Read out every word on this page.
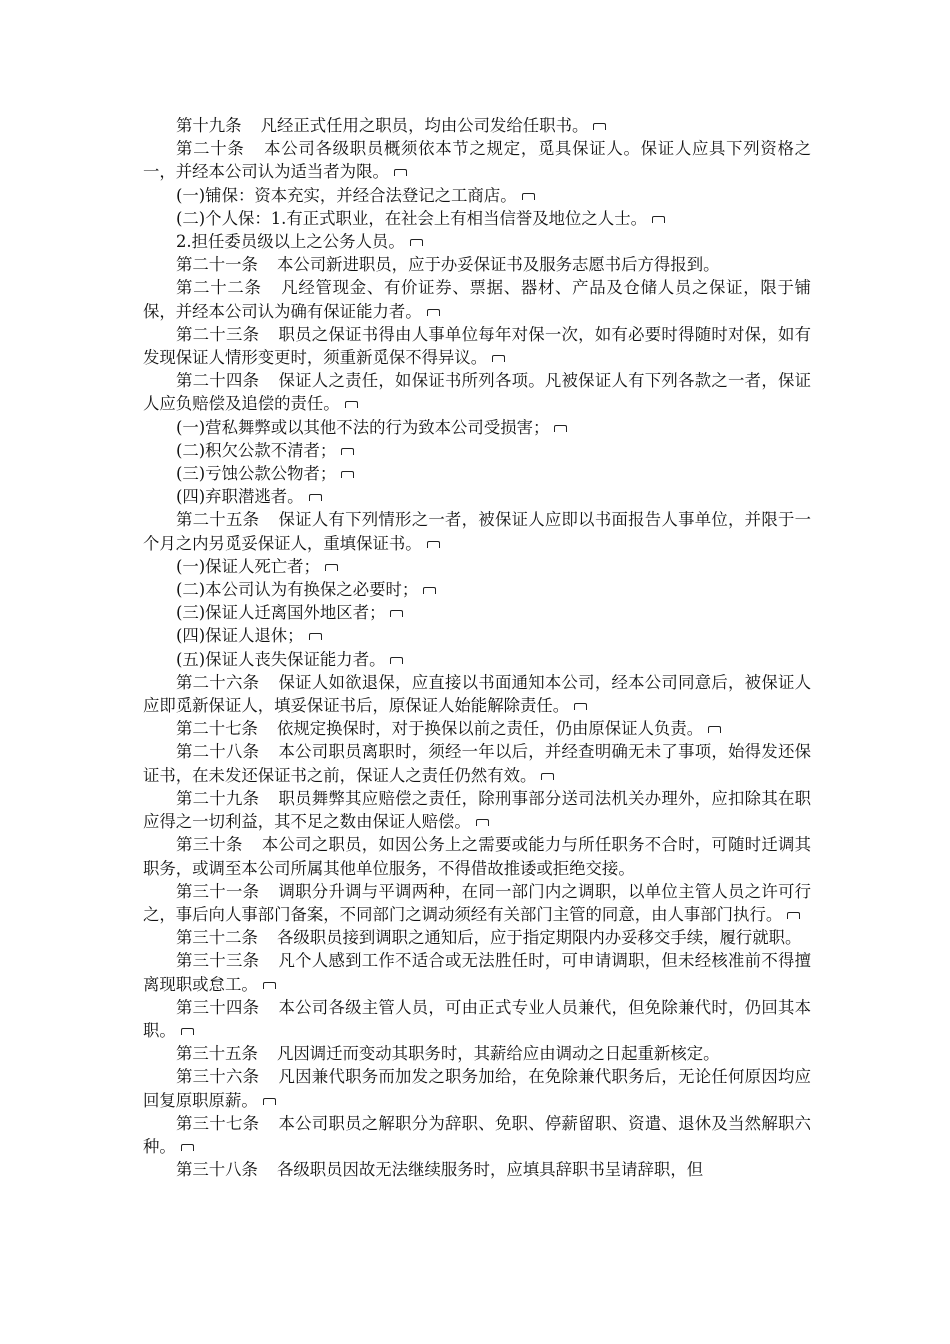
第十九条 凡经正式任用之职员，均由公司发给任职书。

第二十条 本公司各级职员概须依本节之规定，觅具保证人。保证人应具下列资格之一，并经本公司认为适当者为限。

(一)铺保：资本充实，并经合法登记之工商店。

(二)个人保：1.有正式职业，在社会上有相当信誉及地位之人士。

2.担任委员级以上之公务人员。

第二十一条 本公司新进职员，应于办妥保证书及服务志愿书后方得报到。

第二十二条 凡经管现金、有价证券、票据、器材、产品及仓储人员之保证，限于铺保，并经本公司认为确有保证能力者。

第二十三条 职员之保证书得由人事单位每年对保一次，如有必要时得随时对保，如有发现保证人情形变更时，须重新觅保不得异议。

第二十四条 保证人之责任，如保证书所列各项。凡被保证人有下列各款之一者，保证人应负赔偿及追偿的责任。

(一)营私舞弊或以其他不法的行为致本公司受损害；

(二)积欠公款不清者；

(三)亏蚀公款公物者；

(四)弃职潜逃者。

第二十五条 保证人有下列情形之一者，被保证人应即以书面报告人事单位，并限于一个月之内另觅妥保证人，重填保证书。

(一)保证人死亡者；

(二)本公司认为有换保之必要时；

(三)保证人迁离国外地区者；

(四)保证人退休；

(五)保证人丧失保证能力者。

第二十六条 保证人如欲退保，应直接以书面通知本公司，经本公司同意后，被保证人应即觅新保证人，填妥保证书后，原保证人始能解除责任。

第二十七条 依规定换保时，对于换保以前之责任，仍由原保证人负责。

第二十八条 本公司职员离职时，须经一年以后，并经查明确无未了事项，始得发还保证书，在未发还保证书之前，保证人之责任仍然有效。

第二十九条 职员舞弊其应赔偿之责任，除刑事部分送司法机关办理外，应扣除其在职应得之一切利益，其不足之数由保证人赔偿。

第三十条 本公司之职员，如因公务上之需要或能力与所任职务不合时，可随时迁调其职务，或调至本公司所属其他单位服务，不得借故推诿或拒绝交接。

第三十一条 调职分升调与平调两种，在同一部门内之调职，以单位主管人员之许可行之，事后向人事部门备案，不同部门之调动须经有关部门主管的同意，由人事部门执行。

第三十二条 各级职员接到调职之通知后，应于指定期限内办妥移交手续，履行就职。

第三十三条 凡个人感到工作不适合或无法胜任时，可申请调职，但未经核准前不得擅离现职或怠工。

第三十四条 本公司各级主管人员，可由正式专业人员兼代，但免除兼代时，仍回其本职。

第三十五条 凡因调迁而变动其职务时，其薪给应由调动之日起重新核定。

第三十六条 凡因兼代职务而加发之职务加给，在免除兼代职务后，无论任何原因均应回复原职原薪。

第三十七条 本公司职员之解职分为辞职、免职、停薪留职、资遣、退休及当然解职六种。

第三十八条 各级职员因故无法继续服务时，应填具辞职书呈请辞职，但
